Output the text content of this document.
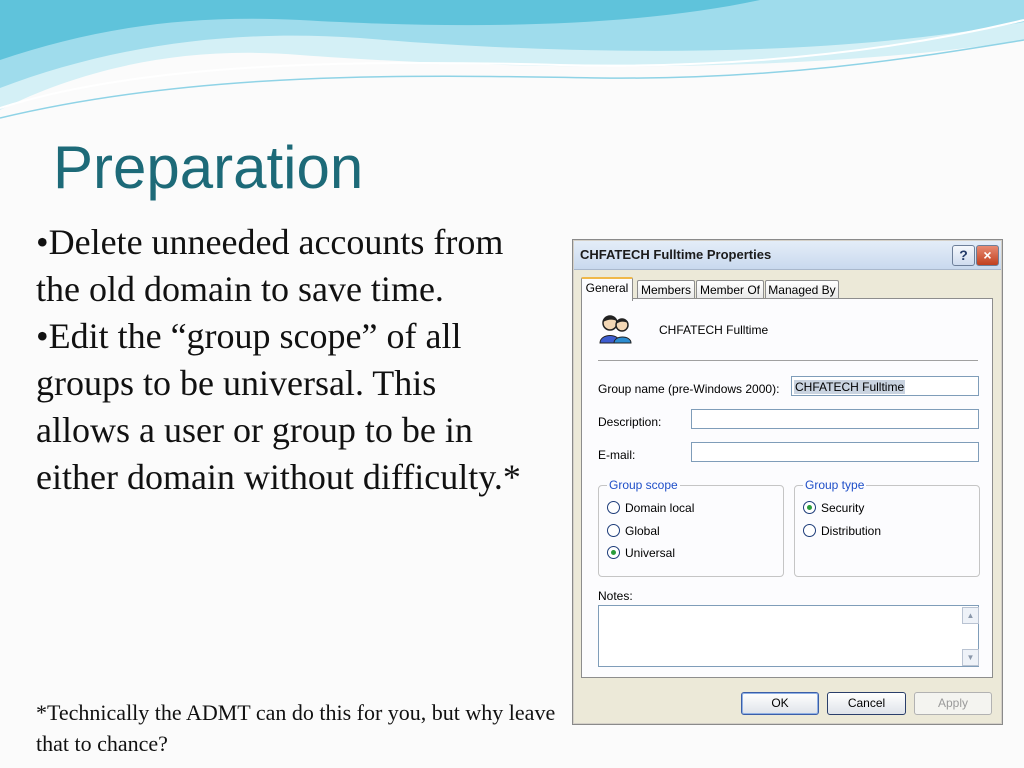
Preparation

•Delete unneeded accounts from the old domain to save time.

•Edit the “group scope” of all groups to be universal. This allows a user or group to be in either domain without difficulty.*

*Technically the ADMT can do this for you, but why leave that to chance?
CHFATECH Fulltime Properties	?	×
General	Members Member Of Managed By
CHFATECH Fulltime
Group name (pre-Windows 2000):	CHFATECH Fulltime
Description:
E-mail:
Group scope
Domain local
Global
Universal
Group type
Security
Distribution
Notes:
▲
▼
OK	Cancel	Apply
